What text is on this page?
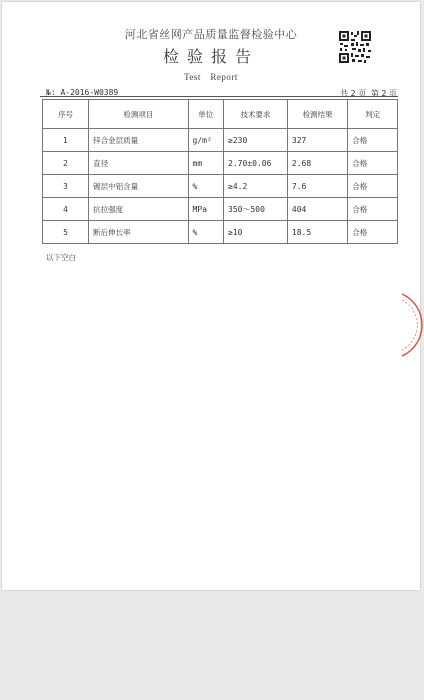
河北省丝网产品质量监督检验中心
检验报告
Test　Report
№: A-2016-W0389	共 2 页 第 2 页
序号	检测项目	单位	技术要求	检测结果	判定
1	锌合金层质量	g/m²	≥230	327	合格
2	直径	mm	2.70±0.06	2.68	合格
3	镀层中铝含量	%	≥4.2	7.6	合格
4	抗拉强度	MPa	350～500	404	合格
5	断后伸长率	%	≥10	18.5	合格
以下空白
